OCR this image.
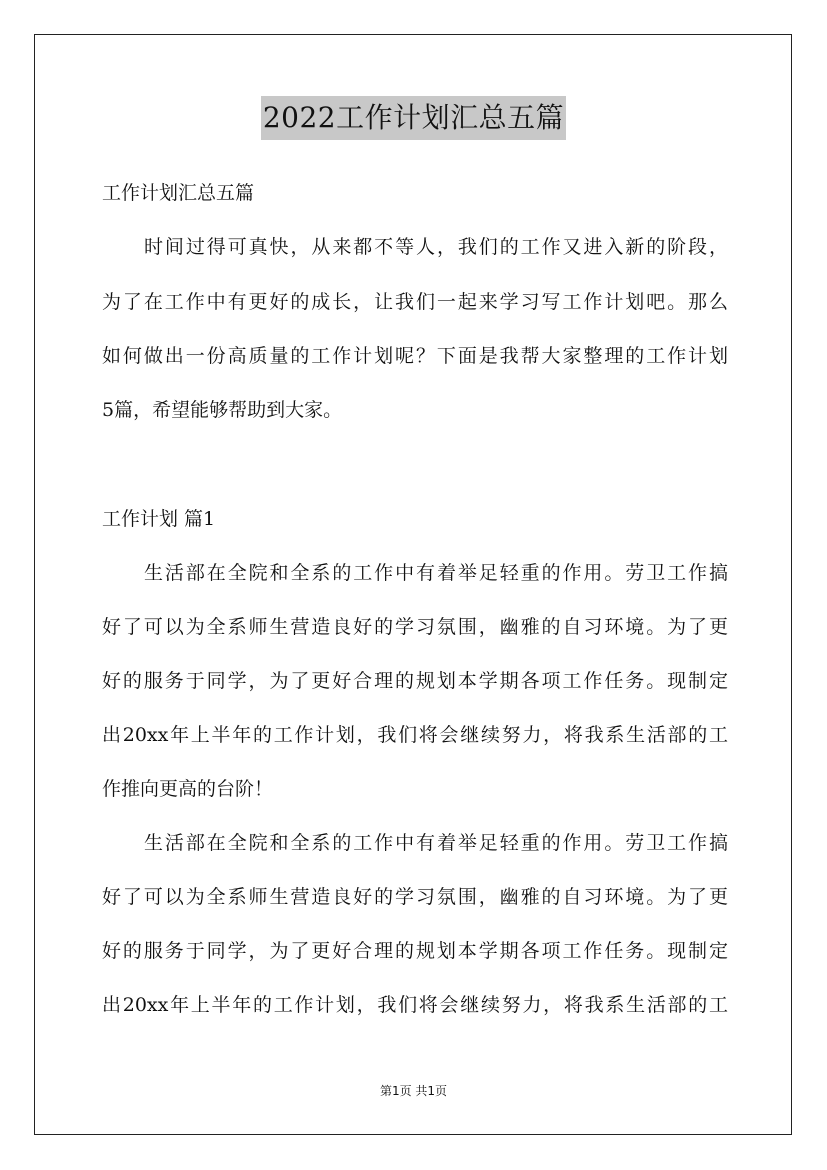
2022工作计划汇总五篇
工作计划汇总五篇
时间过得可真快，从来都不等人，我们的工作又进入新的阶段，
为了在工作中有更好的成长，让我们一起来学习写工作计划吧。那么
如何做出一份高质量的工作计划呢？下面是我帮大家整理的工作计划
5篇，希望能够帮助到大家。
工作计划 篇1
生活部在全院和全系的工作中有着举足轻重的作用。劳卫工作搞
好了可以为全系师生营造良好的学习氛围，幽雅的自习环境。为了更
好的服务于同学，为了更好合理的规划本学期各项工作任务。现制定
出20xx年上半年的工作计划，我们将会继续努力，将我系生活部的工
作推向更高的台阶！
生活部在全院和全系的工作中有着举足轻重的作用。劳卫工作搞
好了可以为全系师生营造良好的学习氛围，幽雅的自习环境。为了更
好的服务于同学，为了更好合理的规划本学期各项工作任务。现制定
出20xx年上半年的工作计划，我们将会继续努力，将我系生活部的工
第1页 共1页
